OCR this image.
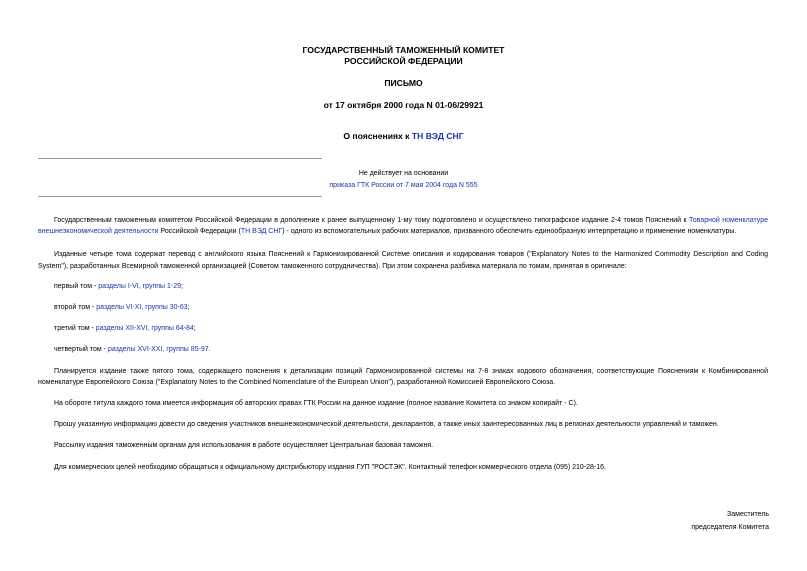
ГОСУДАРСТВЕННЫЙ ТАМОЖЕННЫЙ КОМИТЕТ
РОССИЙСКОЙ ФЕДЕРАЦИИ
ПИСЬМО
от 17 октября 2000 года N 01-06/29921
О пояснениях к ТН ВЭД СНГ
Не действует на основании
приказа ГТК России от 7 мая 2004 года N 555

Государственным таможенным комитетом Российской Федерации в дополнение к ранее выпущенному 1-му тому подготовлено и осуществлено типографское издание 2-4 томов Пояснений к Товарной номенклатуре внешнеэкономической деятельности Российской Федерации (ТН ВЭД СНГ) - одного из вспомогательных рабочих материалов, призванного обеспечить единообразную интерпретацию и применение номенклатуры.

Изданные четыре тома содержат перевод с английского языка Пояснений к Гармонизированной Системе описания и кодирования товаров ("Explanatory Notes to the Harmonized Commodity Description and Coding System"), разработанных Всемирной таможенной организацией (Советом таможенного сотрудничества). При этом сохранена разбивка материала по томам, принятая в оригинале:

первый том - разделы I-VI, группы 1-29;

второй том - разделы VI-XI, группы 30-63;

третий том - разделы XII-XVI, группы 64-84;

четвертый том - разделы XVI-XXI, группы 85-97.

Планируется издание также пятого тома, содержащего пояснения к детализации позиций Гармонизированной системы на 7-8 знаках кодового обозначения, соответствующие Пояснениям к Комбинированной номенклатуре Европейского Союза ("Explanatory Notes to the Combined Nomenclature of the European Union"), разработанной Комиссией Европейского Союза.

На обороте титула каждого тома имеется информация об авторских правах ГТК России на данное издание (полное название Комитета со знаком копирайт - С).

Прошу указанную информацию довести до сведения участников внешнеэкономической деятельности, декларантов, а также иных заинтересованных лиц в регионах деятельности управлений и таможен.

Рассылку издания таможенным органам для использования в работе осуществляет Центральная базовая таможня.

Для коммерческих целей необходимо обращаться к официальному дистрибьютору издания ГУП "РОСТЭК". Контактный телефон коммерческого отдела (095) 210-28-16.

Заместитель
председателя Комитета
